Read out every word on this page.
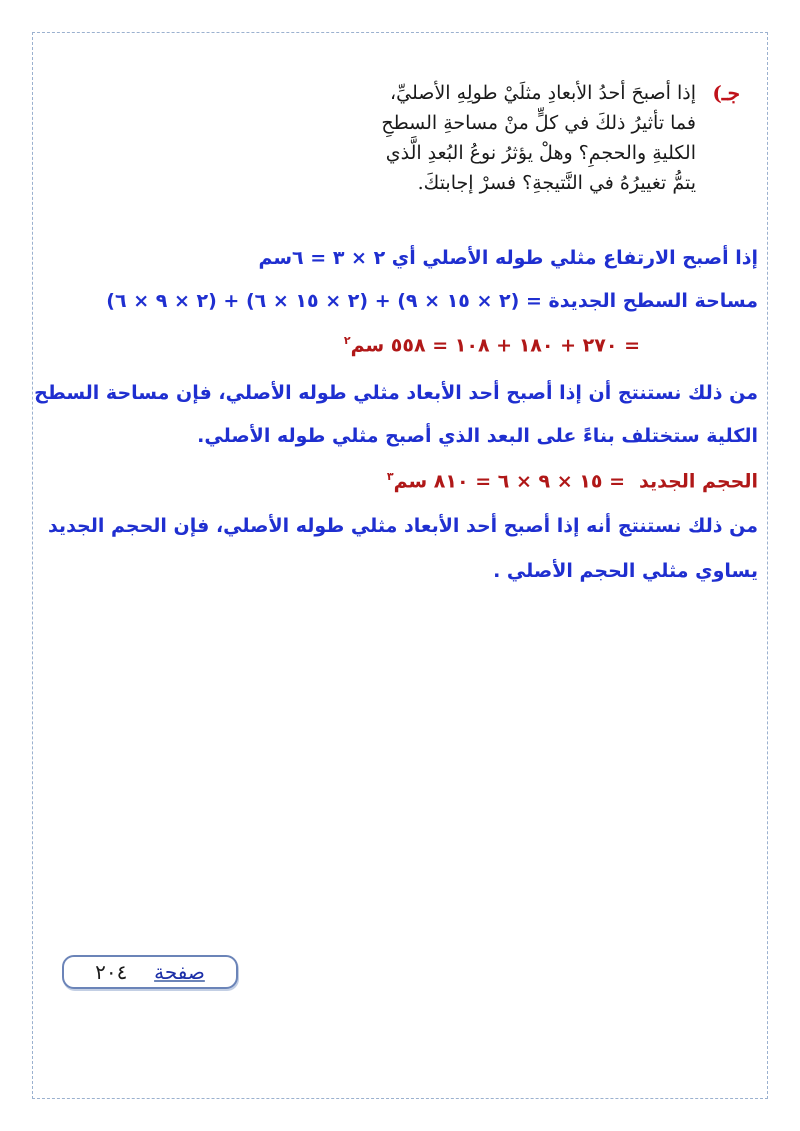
جـ)
إذا أصبحَ أحدُ الأبعادِ مثلَيْ طولِهِ الأصليِّ،
فما تأثيرُ ذلكَ في كلٍّ منْ مساحةِ السطحِ
الكليةِ والحجمِ؟ وهلْ يؤثرُ نوعُ البُعدِ الَّذي
يتمُّ تغييرُهُ في النَّتيجةِ؟ فسرْ إجابتكَ.
إذا أصبح الارتفاع مثلي طوله الأصلي أي ٢ × ٣ = ٦سم
مساحة السطح الجديدة = (٢ × ١٥ × ٩) + (٢ × ١٥ × ٦) + (٢ × ٩ × ٦)
= ٢٧٠ + ١٨٠ + ١٠٨ = ٥٥٨ سم$^٢$
من ذلك نستنتج أن إذا أصبح أحد الأبعاد مثلي طوله الأصلي، فإن مساحة السطح
الكلية ستختلف بناءً على البعد الذي أصبح مثلي طوله الأصلي.
الحجم الجديد= ١٥ × ٩ × ٦ = ٨١٠ سم$^٣$
من ذلك نستنتج أنه إذا أصبح أحد الأبعاد مثلي طوله الأصلي، فإن الحجم الجديد
يساوي مثلي الحجم الأصلي .
صفحة  ٢٠٤
